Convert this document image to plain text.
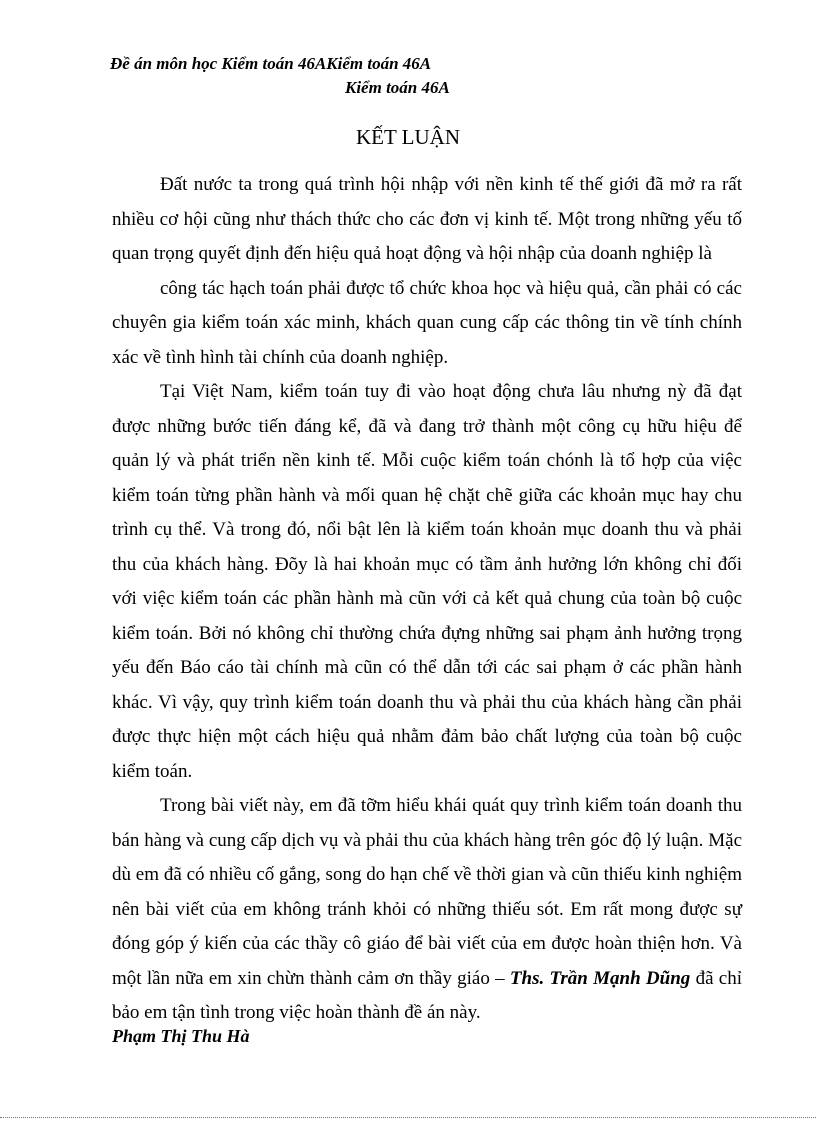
Đề án môn học Kiểm toán 46AKiểm toán 46A
Kiểm toán 46A
KẾT LUẬN

Đất nước ta trong quá trình hội nhập với nền kinh tế thế giới đã mở ra rất nhiều cơ hội cũng như thách thức cho các đơn vị kinh tế. Một trong những yếu tố quan trọng quyết định đến hiệu quả hoạt động và hội nhập của doanh nghiệp là

công tác hạch toán phải được tổ chức khoa học và hiệu quả, cần phải có các chuyên gia kiểm toán xác minh, khách quan cung cấp các thông tin về tính chính xác về tình hình tài chính của doanh nghiệp.

Tại Việt Nam, kiểm toán tuy đi vào hoạt động chưa lâu nhưng nỳ đã đạt được những bước tiến đáng kể, đã và đang trở thành một công cụ hữu hiệu để quản lý và phát triển nền kinh tế. Mỗi cuộc kiểm toán chónh là tổ hợp của việc kiểm toán từng phần hành và mối quan hệ chặt chẽ giữa các khoản mục hay chu trình cụ thể. Và trong đó, nổi bật lên là kiểm toán khoản mục doanh thu và phải thu của khách hàng. Đõy là hai khoản mục có tầm ảnh hưởng lớn không chỉ đối với việc kiểm toán các phần hành mà cũn với cả kết quả chung của toàn bộ cuộc kiểm toán. Bởi nó không chỉ thường chứa đựng những sai phạm ảnh hưởng trọng yếu đến Báo cáo tài chính mà cũn có thể dẫn tới các sai phạm ở các phần hành khác. Vì vậy, quy trình kiểm toán doanh thu và phải thu của khách hàng cần phải được thực hiện một cách hiệu quả nhằm đảm bảo chất lượng của toàn bộ cuộc kiểm toán.

Trong bài viết này, em đã tỡm hiểu khái quát quy trình kiểm toán doanh thu bán hàng và cung cấp dịch vụ và phải thu của khách hàng trên góc độ lý luận. Mặc dù em đã có nhiều cố gắng, song do hạn chế về thời gian và cũn thiếu kinh nghiệm nên bài viết của em không tránh khỏi có những thiếu sót. Em rất mong được sự đóng góp ý kiến của các thầy cô giáo để bài viết của em được hoàn thiện hơn. Và một lần nữa em xin chừn thành cảm ơn thầy giáo – Ths. Trần Mạnh Dũng đã chỉ bảo em tận tình trong việc hoàn thành đề án này.

Phạm Thị Thu Hà
